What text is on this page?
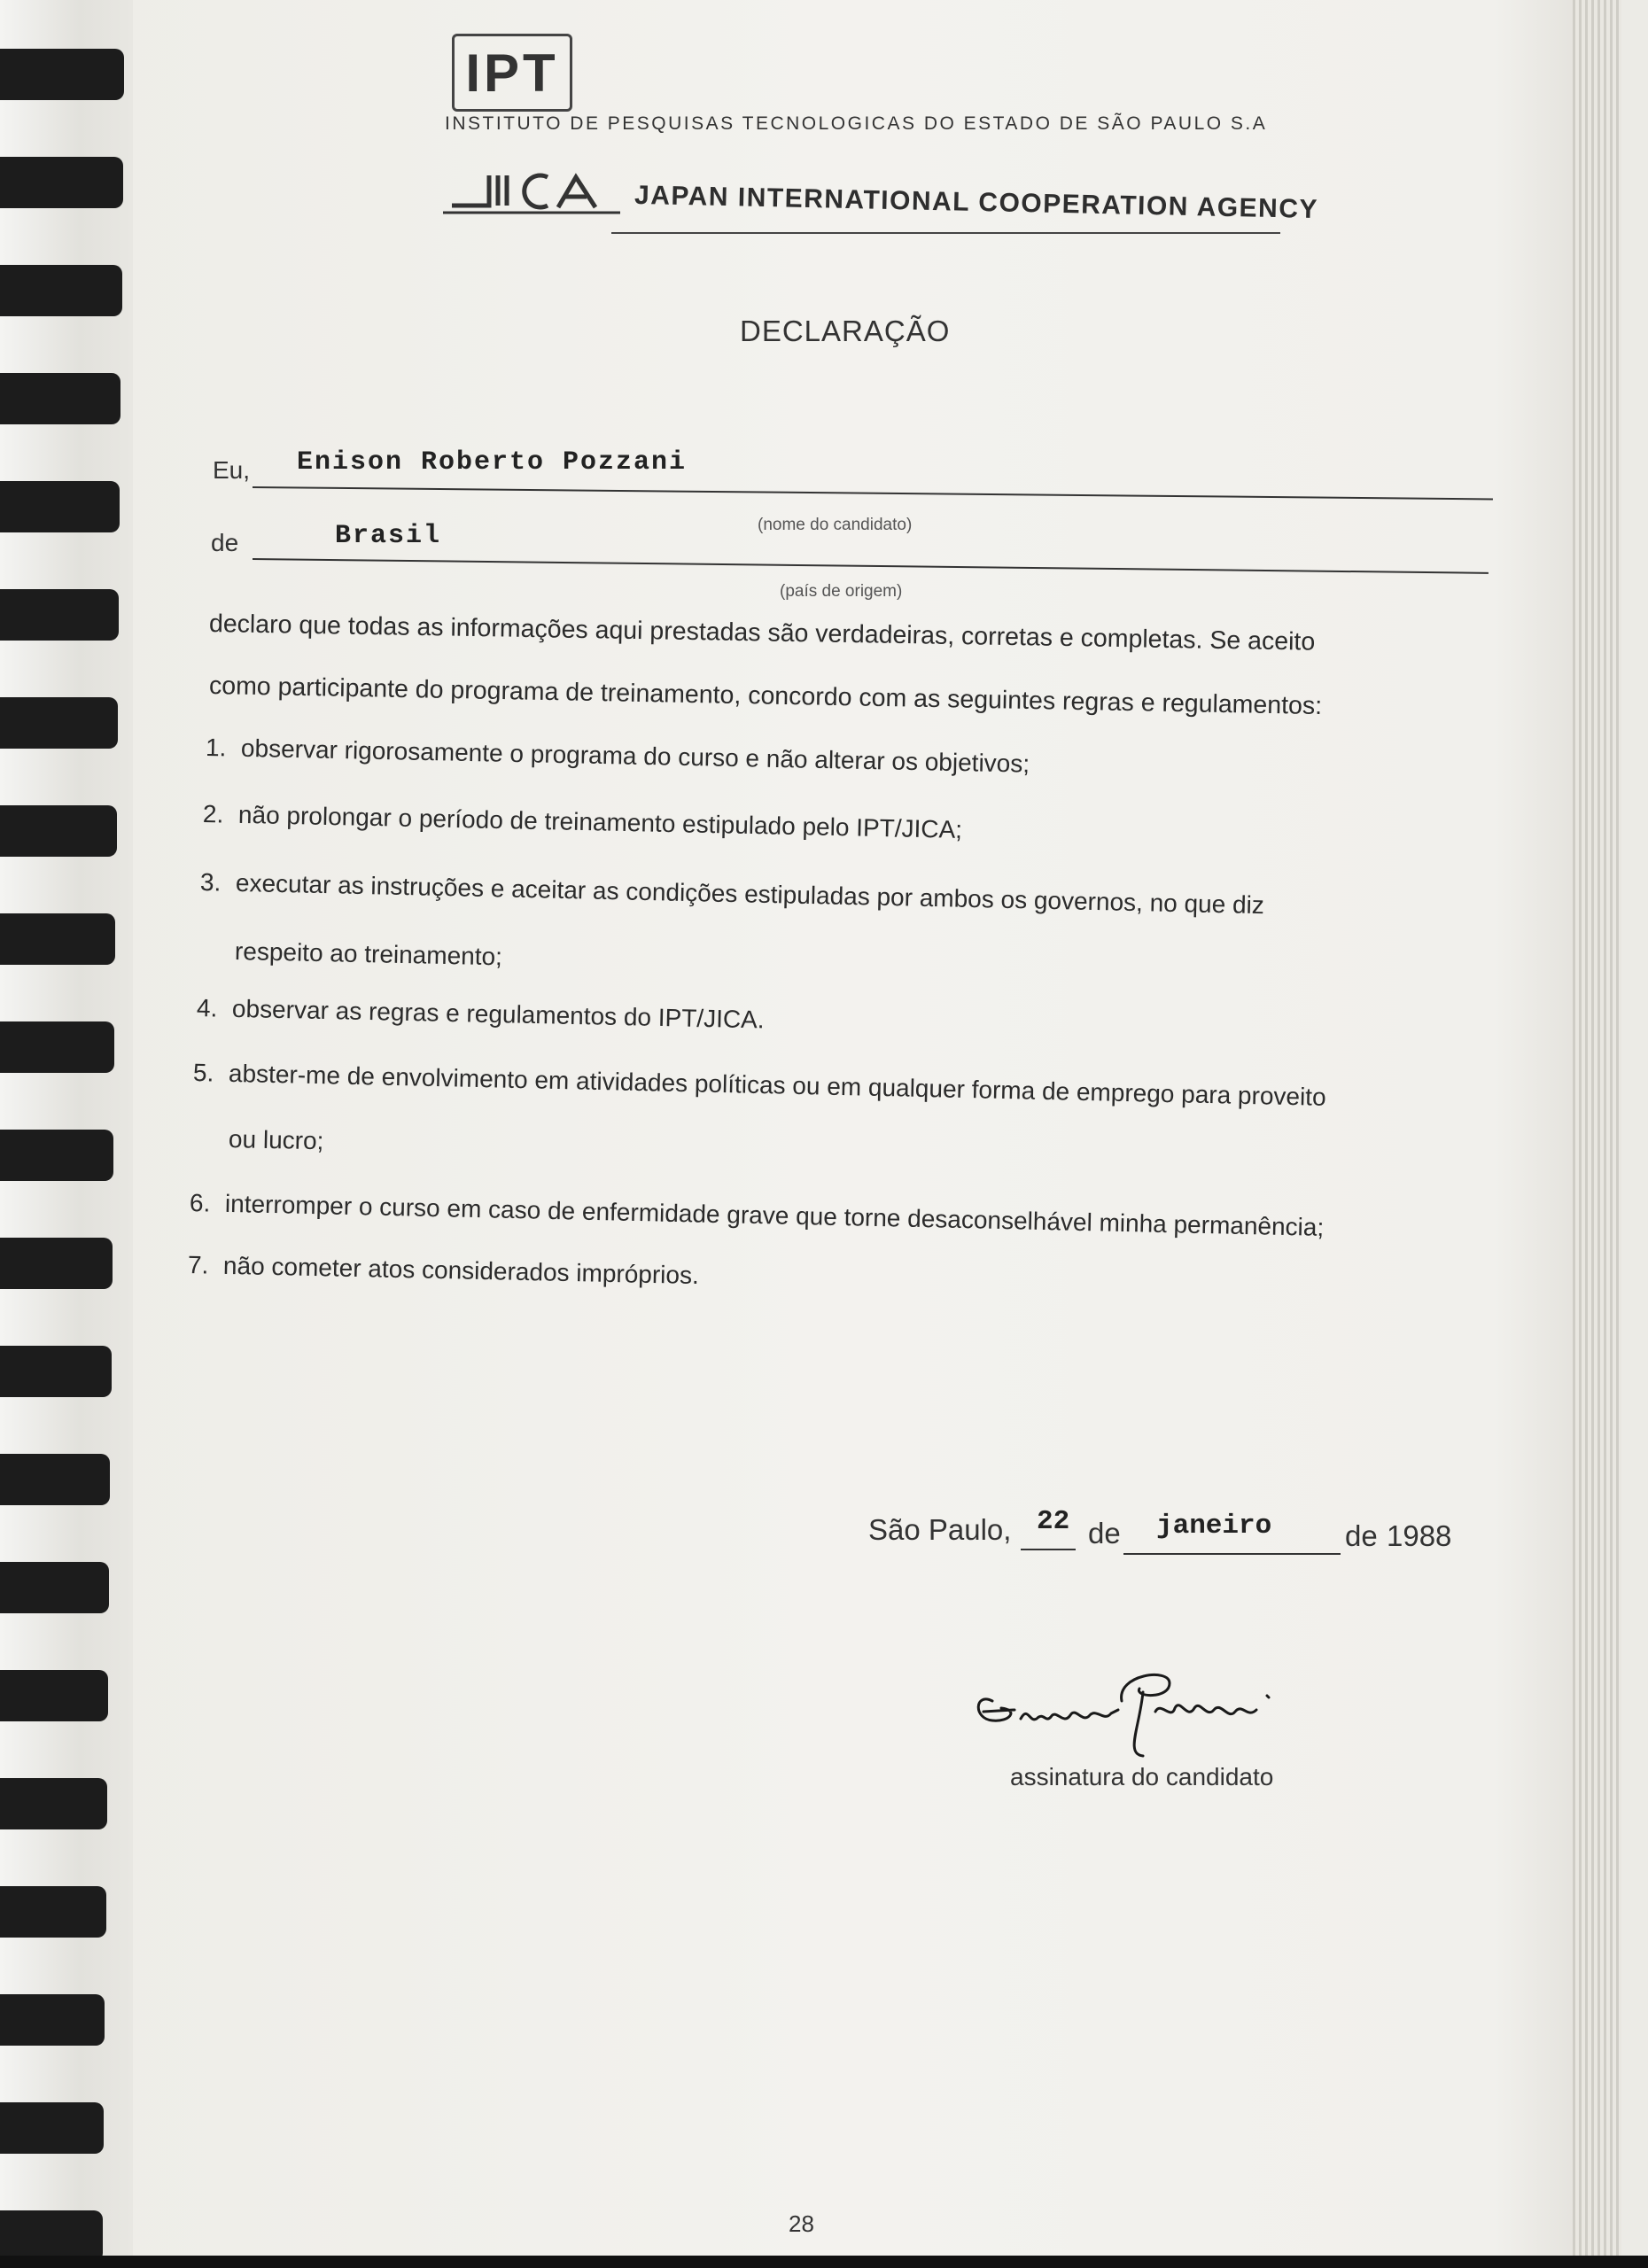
IPT
INSTITUTO DE PESQUISAS TECNOLOGICAS DO ESTADO DE SÃO PAULO S.A
JAPAN INTERNATIONAL COOPERATION AGENCY
DECLARAÇÃO
Eu, Enison Roberto Pozzani
(nome do candidato)
de	Brasil
(país de origem)
declaro que todas as informações aqui prestadas são verdadeiras, corretas e completas. Se aceito
como participante do programa de treinamento, concordo com as seguintes regras e regulamentos:
1. observar rigorosamente o programa do curso e não alterar os objetivos;
2. não prolongar o período de treinamento estipulado pelo IPT/JICA;
3. executar as instruções e aceitar as condições estipuladas por ambos os governos, no que diz
respeito ao treinamento;
4. observar as regras e regulamentos do IPT/JICA.
5. abster-me de envolvimento em atividades políticas ou em qualquer forma de emprego para proveito
ou lucro;
6. interromper o curso em caso de enfermidade grave que torne desaconselhável minha permanência;
7. não cometer atos considerados impróprios.
São Paulo, 22 de janeiro	de 1988
assinatura do candidato
28
